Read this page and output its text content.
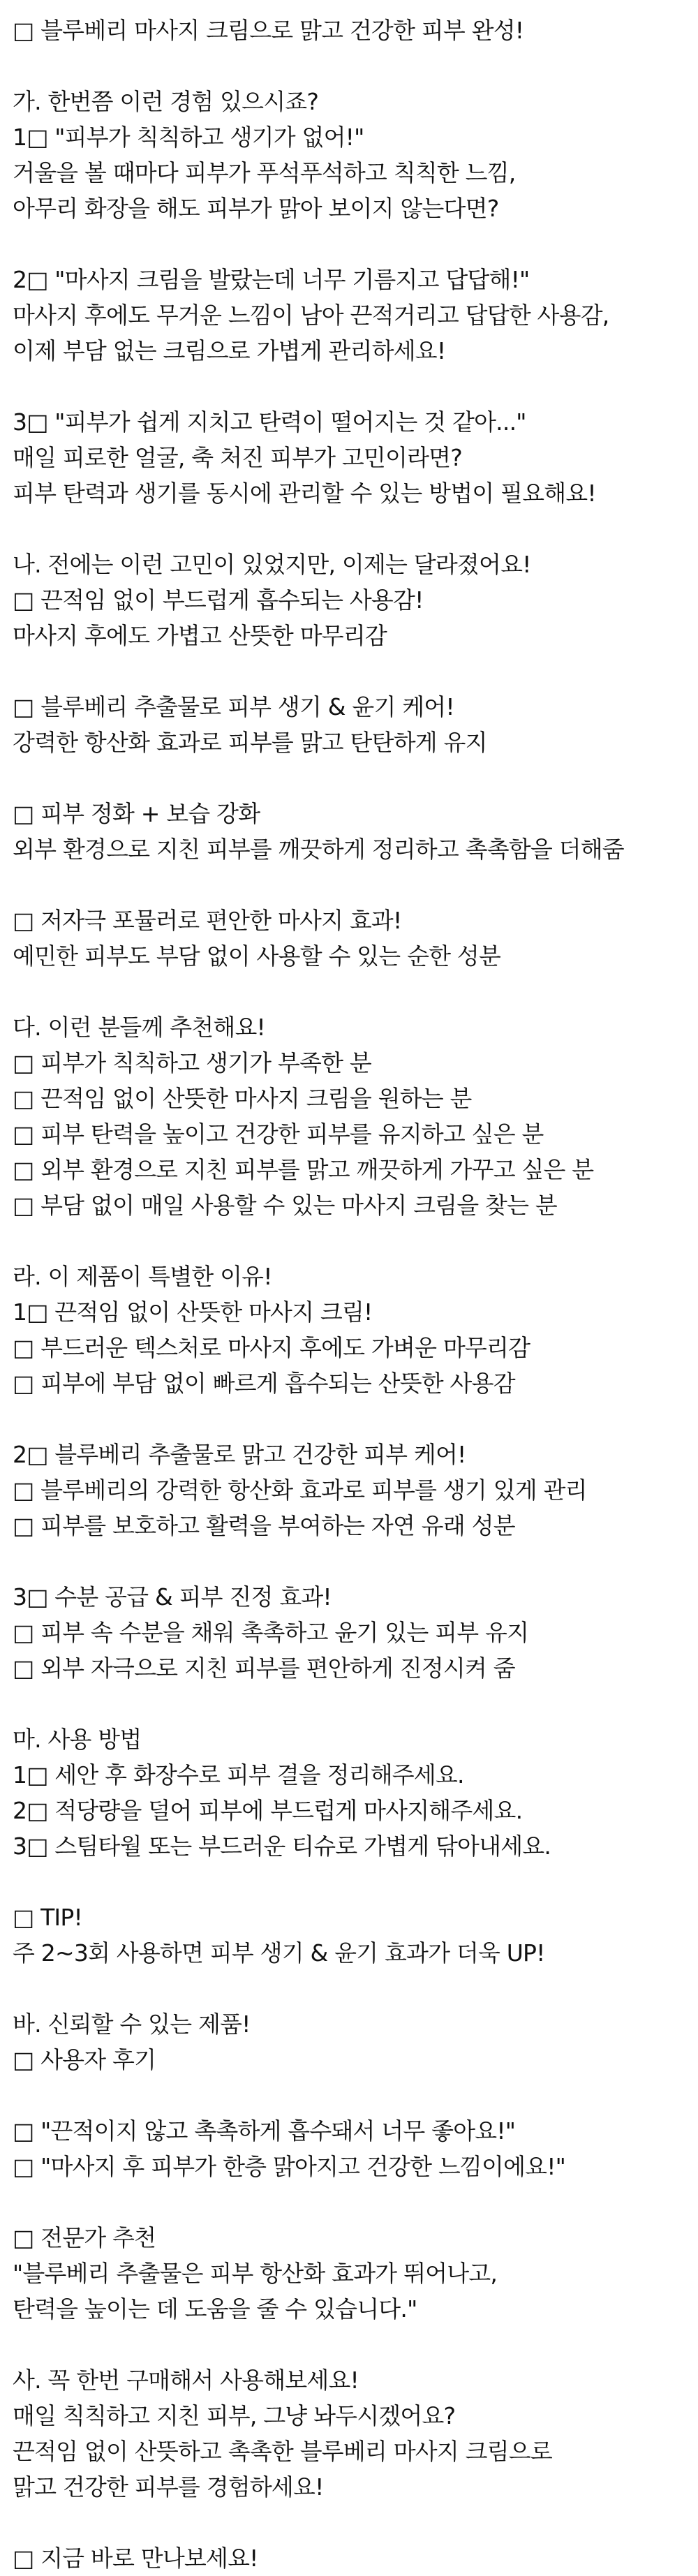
□ 블루베리 마사지 크림으로 맑고 건강한 피부 완성!
가. 한번쯤 이런 경험 있으시죠?
1□ "피부가 칙칙하고 생기가 없어!"
거울을 볼 때마다 피부가 푸석푸석하고 칙칙한 느낌,
아무리 화장을 해도 피부가 맑아 보이지 않는다면?
2□ "마사지 크림을 발랐는데 너무 기름지고 답답해!"
마사지 후에도 무거운 느낌이 남아 끈적거리고 답답한 사용감,
이제 부담 없는 크림으로 가볍게 관리하세요!
3□ "피부가 쉽게 지치고 탄력이 떨어지는 것 같아..."
매일 피로한 얼굴, 축 처진 피부가 고민이라면?
피부 탄력과 생기를 동시에 관리할 수 있는 방법이 필요해요!
나. 전에는 이런 고민이 있었지만, 이제는 달라졌어요!
□ 끈적임 없이 부드럽게 흡수되는 사용감!
마사지 후에도 가볍고 산뜻한 마무리감
□ 블루베리 추출물로 피부 생기 & 윤기 케어!
강력한 항산화 효과로 피부를 맑고 탄탄하게 유지
□ 피부 정화 + 보습 강화
외부 환경으로 지친 피부를 깨끗하게 정리하고 촉촉함을 더해줌
□ 저자극 포뮬러로 편안한 마사지 효과!
예민한 피부도 부담 없이 사용할 수 있는 순한 성분
다. 이런 분들께 추천해요!
□ 피부가 칙칙하고 생기가 부족한 분
□ 끈적임 없이 산뜻한 마사지 크림을 원하는 분
□ 피부 탄력을 높이고 건강한 피부를 유지하고 싶은 분
□ 외부 환경으로 지친 피부를 맑고 깨끗하게 가꾸고 싶은 분
□ 부담 없이 매일 사용할 수 있는 마사지 크림을 찾는 분
라. 이 제품이 특별한 이유!
1□ 끈적임 없이 산뜻한 마사지 크림!
□ 부드러운 텍스처로 마사지 후에도 가벼운 마무리감
□ 피부에 부담 없이 빠르게 흡수되는 산뜻한 사용감
2□ 블루베리 추출물로 맑고 건강한 피부 케어!
□ 블루베리의 강력한 항산화 효과로 피부를 생기 있게 관리
□ 피부를 보호하고 활력을 부여하는 자연 유래 성분
3□ 수분 공급 & 피부 진정 효과!
□ 피부 속 수분을 채워 촉촉하고 윤기 있는 피부 유지
□ 외부 자극으로 지친 피부를 편안하게 진정시켜 줌
마. 사용 방법
1□ 세안 후 화장수로 피부 결을 정리해주세요.
2□ 적당량을 덜어 피부에 부드럽게 마사지해주세요.
3□ 스팀타월 또는 부드러운 티슈로 가볍게 닦아내세요.
□ TIP!
주 2~3회 사용하면 피부 생기 & 윤기 효과가 더욱 UP!
바. 신뢰할 수 있는 제품!
□ 사용자 후기
□ "끈적이지 않고 촉촉하게 흡수돼서 너무 좋아요!"
□ "마사지 후 피부가 한층 맑아지고 건강한 느낌이에요!"
□ 전문가 추천
"블루베리 추출물은 피부 항산화 효과가 뛰어나고,
탄력을 높이는 데 도움을 줄 수 있습니다."
사. 꼭 한번 구매해서 사용해보세요!
매일 칙칙하고 지친 피부, 그냥 놔두시겠어요?
끈적임 없이 산뜻하고 촉촉한 블루베리 마사지 크림으로
맑고 건강한 피부를 경험하세요!
□ 지금 바로 만나보세요!
